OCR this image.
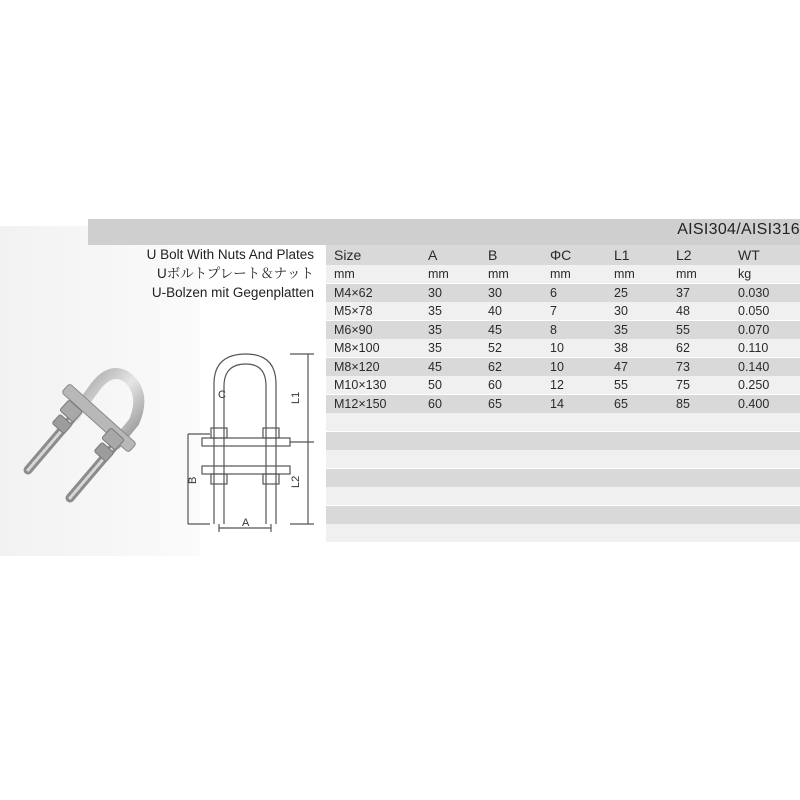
AISI304/AISI316
U Bolt With Nuts And Plates
Uボルトプレート＆ナット
U-Bolzen mit Gegenplatten
C	L1
L2
B
A
Size	A	B	ΦC	L1	L2	WT
mm	mm	mm	mm	mm	mm	kg
M4×62	30	30	6	25	37	0.030
M5×78	35	40	7	30	48	0.050
M6×90	35	45	8	35	55	0.070
M8×100	35	52	10	38	62	0.110
M8×120	45	62	10	47	73	0.140
M10×130	50	60	12	55	75	0.250
M12×150	60	65	14	65	85	0.400
